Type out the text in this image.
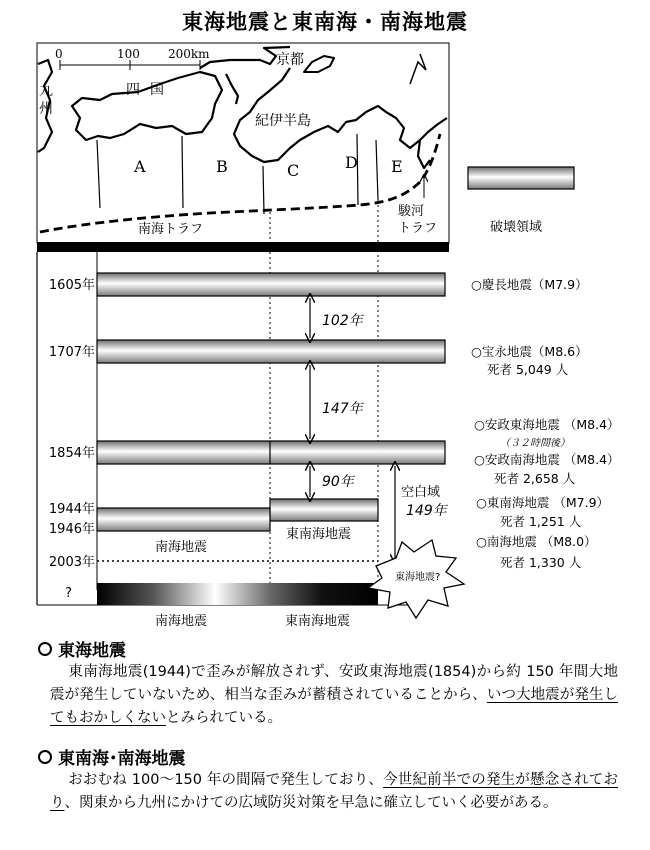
東海地震と東南海・南海地震
0	100 200km
九
州
四国
京都
紀伊半島
A	B	C	D E
南海トラフ
駿河
トラフ	破壊領域
1605年
1707年
1854年
1944年
1946年
2003年
?
102年
147年
90年
空白域
149年
南海地震
東南海地震
南海地震	東南海地震
東海地震?
○慶長地震（M7.9）
○宝永地震（M8.6）
死者 5,049 人
○安政東海地震 （M8.4）
（３２時間後）
○安政南海地震 （M8.4）
死者 2,658 人
○東南海地震 （M7.9）
死者 1,251 人
○南海地震 （M8.0）
死者 1,330 人
東海地震
東南海地震(1944)で歪みが解放されず、安政東海地震(1854)から約 150 年間大地震が発生していないため、相当な歪みが蓄積されていることから、いつ大地震が発生してもおかしくないとみられている。
東南海･南海地震
おおむね 100～150 年の間隔で発生しており、今世紀前半での発生が懸念されており、関東から九州にかけての広域防災対策を早急に確立していく必要がある。
